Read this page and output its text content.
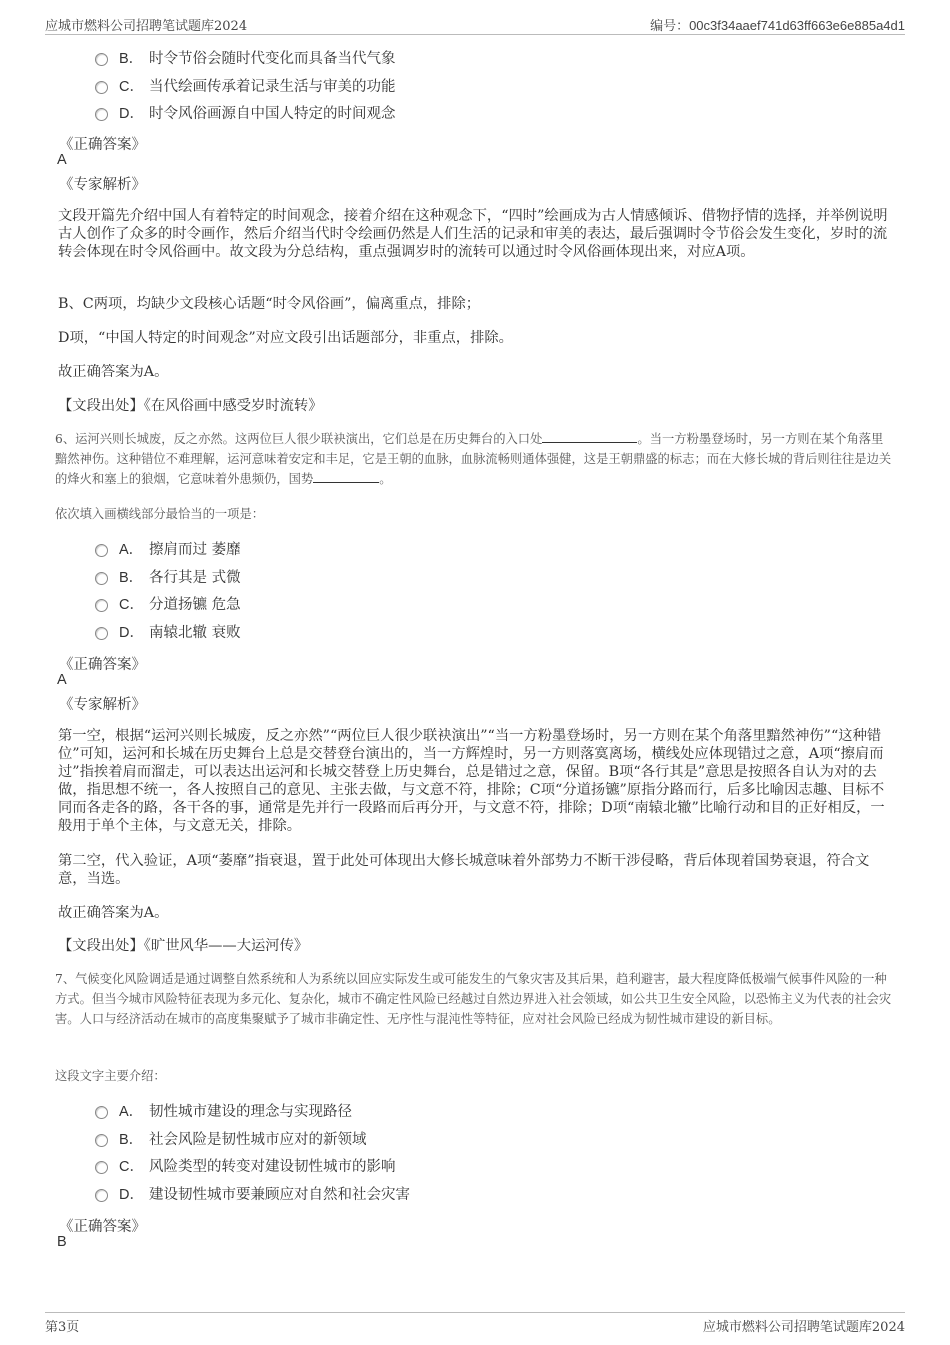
应城市燃料公司招聘笔试题库2024	编号：00c3f34aaef741d63ff663e6e885a4d1
B． 时令节俗会随时代变化而具备当代气象
C． 当代绘画传承着记录生活与审美的功能
D． 时令风俗画源自中国人特定的时间观念
《正确答案》
A
《专家解析》
文段开篇先介绍中国人有着特定的时间观念，接着介绍在这种观念下，“四时”绘画成为古人情感倾诉、借物抒情的选择，并举例说明古人创作了众多的时令画作，然后介绍当代时令绘画仍然是人们生活的记录和审美的表达，最后强调时令节俗会发生变化，岁时的流转会体现在时令风俗画中。故文段为分总结构，重点强调岁时的流转可以通过时令风俗画体现出来，对应A项。
B、C两项，均缺少文段核心话题“时令风俗画”，偏离重点，排除；
D项，“中国人特定的时间观念”对应文段引出话题部分，非重点，排除。
故正确答案为A。
【文段出处】《在风俗画中感受岁时流转》
6、运河兴则长城废，反之亦然。这两位巨人很少联袂演出，它们总是在历史舞台的入口处	。当一方粉墨登场时，另一方则在某个角落里黯然神伤。这种错位不难理解，运河意味着安定和丰足，它是王朝的血脉，血脉流畅则通体强健，这是王朝鼎盛的标志；而在大修长城的背后则往往是边关的烽火和塞上的狼烟，它意味着外患频仍，国势	。
依次填入画横线部分最恰当的一项是：
A． 擦肩而过 萎靡
B． 各行其是 式微
C． 分道扬镳 危急
D． 南辕北辙 衰败
《正确答案》
A
《专家解析》
第一空，根据“运河兴则长城废，反之亦然”“两位巨人很少联袂演出”“当一方粉墨登场时，另一方则在某个角落里黯然神伤”“这种错位”可知，运河和长城在历史舞台上总是交替登台演出的，当一方辉煌时，另一方则落寞离场，横线处应体现错过之意，A项“擦肩而过”指挨着肩而溜走，可以表达出运河和长城交替登上历史舞台，总是错过之意，保留。B项“各行其是”意思是按照各自认为对的去做，指思想不统一，各人按照自己的意见、主张去做，与文意不符，排除；C项“分道扬镳”原指分路而行，后多比喻因志趣、目标不同而各走各的路，各干各的事，通常是先并行一段路而后再分开，与文意不符，排除；D项“南辕北辙”比喻行动和目的正好相反，一般用于单个主体，与文意无关，排除。
第二空，代入验证，A项“萎靡”指衰退，置于此处可体现出大修长城意味着外部势力不断干涉侵略，背后体现着国势衰退，符合文意，当选。
故正确答案为A。
【文段出处】《旷世风华——大运河传》
7、气候变化风险调适是通过调整自然系统和人为系统以回应实际发生或可能发生的气象灾害及其后果，趋利避害，最大程度降低极端气候事件风险的一种方式。但当今城市风险特征表现为多元化、复杂化，城市不确定性风险已经越过自然边界进入社会领域，如公共卫生安全风险，以恐怖主义为代表的社会灾害。人口与经济活动在城市的高度集聚赋予了城市非确定性、无序性与混沌性等特征，应对社会风险已经成为韧性城市建设的新目标。
这段文字主要介绍：
A． 韧性城市建设的理念与实现路径
B． 社会风险是韧性城市应对的新领域
C． 风险类型的转变对建设韧性城市的影响
D． 建设韧性城市要兼顾应对自然和社会灾害
《正确答案》
B
第3页	应城市燃料公司招聘笔试题库2024
